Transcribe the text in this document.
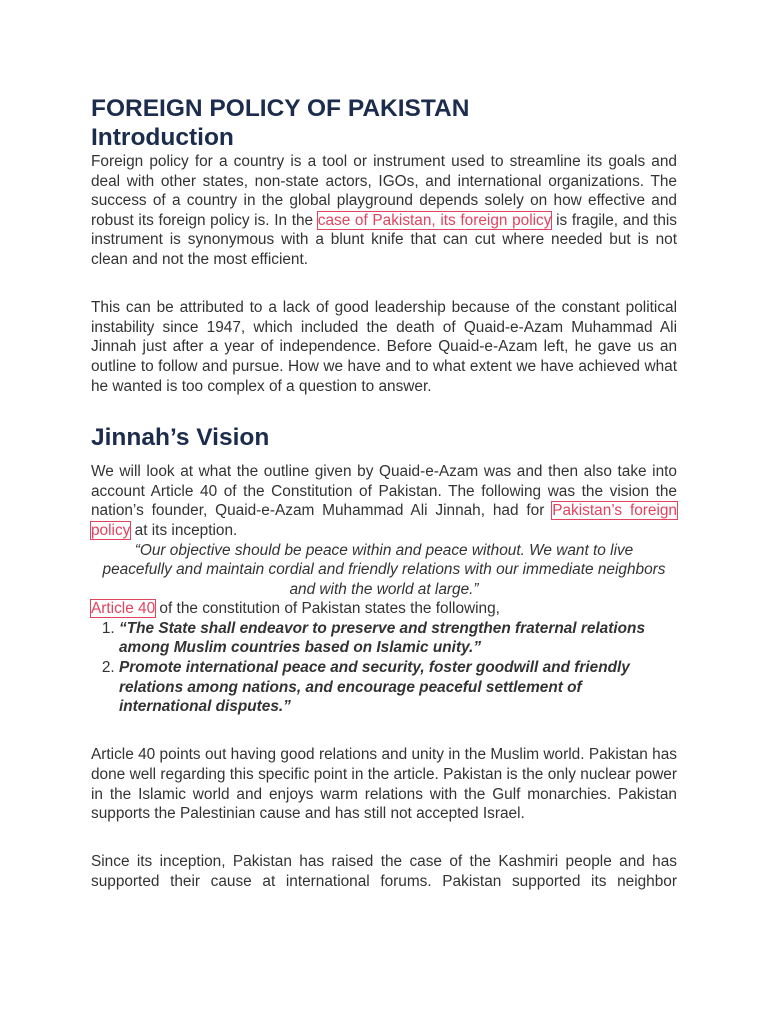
FOREIGN POLICY OF PAKISTAN
Introduction

Foreign policy for a country is a tool or instrument used to streamline its goals and deal with other states, non-state actors, IGOs, and international organizations. The success of a country in the global playground depends solely on how effective and robust its foreign policy is. In the case of Pakistan, its foreign policy is fragile, and this instrument is synonymous with a blunt knife that can cut where needed but is not clean and not the most efficient.

This can be attributed to a lack of good leadership because of the constant political instability since 1947, which included the death of Quaid-e-Azam Muhammad Ali Jinnah just after a year of independence. Before Quaid-e-Azam left, he gave us an outline to follow and pursue. How we have and to what extent we have achieved what he wanted is too complex of a question to answer.

Jinnah’s Vision

We will look at what the outline given by Quaid-e-Azam was and then also take into account Article 40 of the Constitution of Pakistan. The following was the vision the nation’s founder, Quaid-e-Azam Muhammad Ali Jinnah, had for Pakistan’s foreign policy at its inception.

“Our objective should be peace within and peace without. We want to live peacefully and maintain cordial and friendly relations with our immediate neighbors and with the world at large.”

Article 40 of the constitution of Pakistan states the following,

1. “The State shall endeavor to preserve and strengthen fraternal relations among Muslim countries based on Islamic unity.”
2. Promote international peace and security, foster goodwill and friendly relations among nations, and encourage peaceful settlement of international disputes.”

Article 40 points out having good relations and unity in the Muslim world. Pakistan has done well regarding this specific point in the article. Pakistan is the only nuclear power in the Islamic world and enjoys warm relations with the Gulf monarchies. Pakistan supports the Palestinian cause and has still not accepted Israel.

Since its inception, Pakistan has raised the case of the Kashmiri people and has supported their cause at international forums. Pakistan supported its neighbor
